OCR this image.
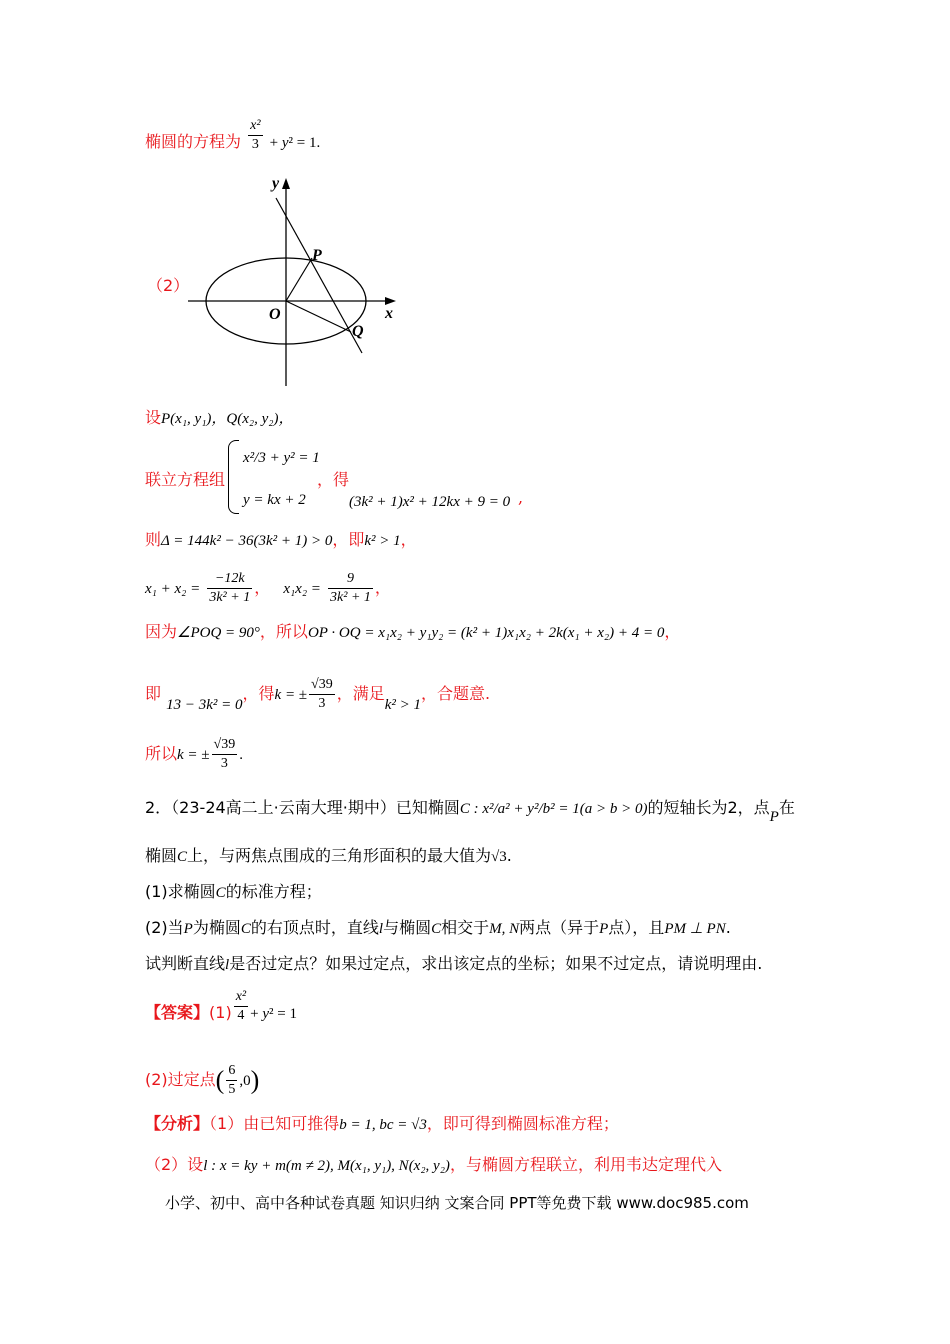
椭圆的方程为 $\frac{\text{x²}}{3} + y^2 = 1$.
（2）
y
P
O	x
Q
设P(x₁, y₁)，Q(x₂, y₂)，
联立方程组
x²/3 + y² = 1
y = kx + 2
，得
(3k² + 1)x² + 12kx + 9 = 0 ,
则Δ = 144k² − 36(3k² + 1) > 0，即k² > 1，
$x_1 + x_2 = \frac{-12k}{\text{3k² + 1}}$ ， $x_1x_2 = \frac{9}{\text{3k² + 1}}$ ，
因为∠POQ = 90°，所以OP · OQ = x₁x₂ + y₁y₂ = (k² + 1)x₁x₂ + 2k(x₁ + x₂) + 4 = 0，
即 13 − 3k² = 0，得k = ± $\frac{√39}{3}$ ，满足k² > 1，合题意.
所以k = ± $\frac{√39}{3}$ .
2．（23-24高二上·云南大理·期中）已知椭圆C : x²/a² + y²/b² = 1(a > b > 0)的短轴长为2，点P在
椭圆C上，与两焦点围成的三角形面积的最大值为√3.
(1)求椭圆C的标准方程；
(2)当P为椭圆C的右顶点时，直线l与椭圆C相交于M, N两点（异于P点），且PM ⊥ PN.
试判断直线l是否过定点？如果过定点，求出该定点的坐标；如果不过定点，请说明理由.
【答案】$(1) \frac{\text{x²}}{4} + y^2 = 1$
(2)过定点( $\frac{6}{5} ,0$)
【分析】（1）由已知可推得b = 1, bc = √3，即可得到椭圆标准方程；
（2）设l : x = ky + m(m ≠ 2), M(x₁, y₁), N(x₂, y₂)，与椭圆方程联立，利用韦达定理代入
小学、初中、高中各种试卷真题 知识归纳 文案合同 PPT等免费下载 www.doc985.com
